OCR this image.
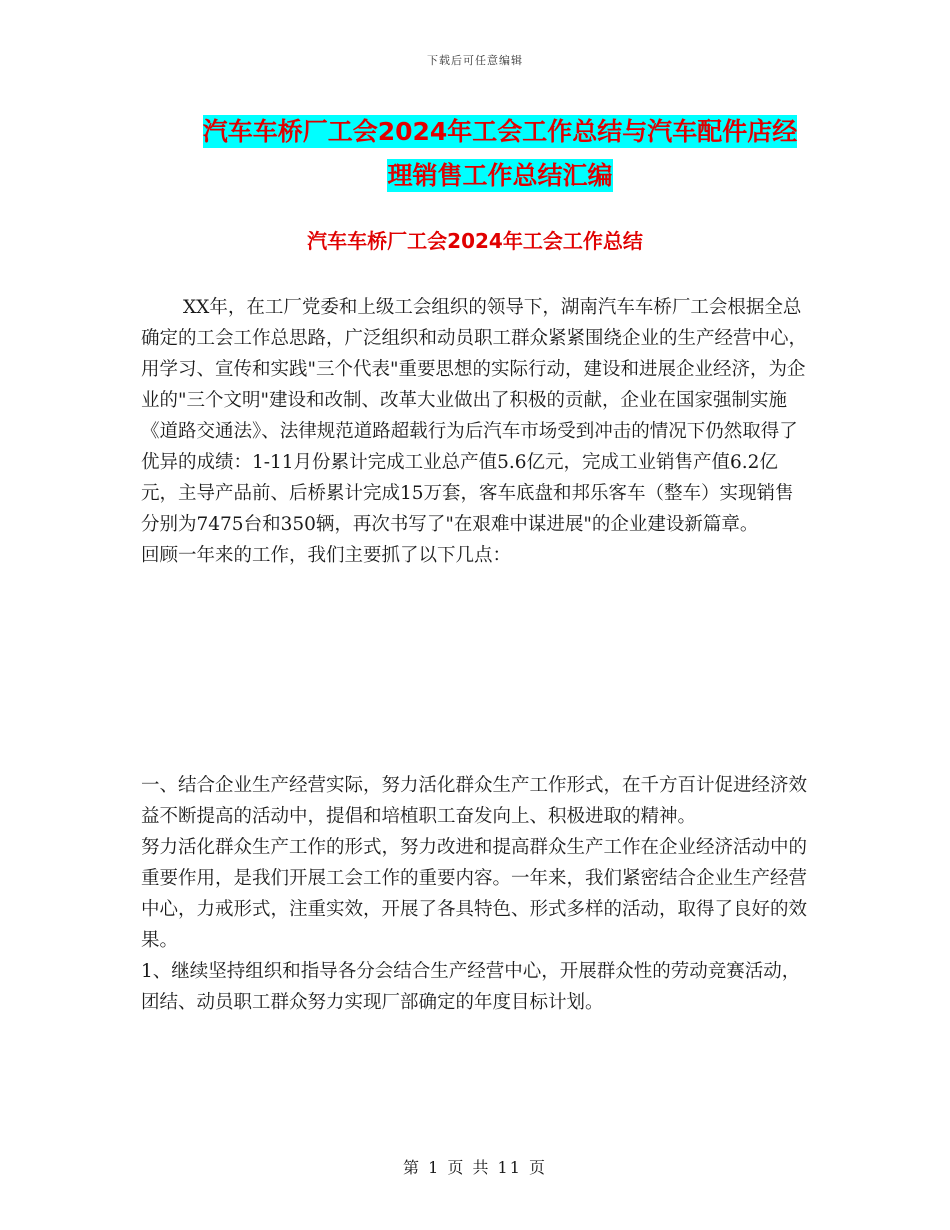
下载后可任意编辑
汽车车桥厂工会2024年工会工作总结与汽车配件店经
理销售工作总结汇编
汽车车桥厂工会2024年工会工作总结

XX年，在工厂党委和上级工会组织的领导下，湖南汽车车桥厂工会根据全总确定的工会工作总思路，广泛组织和动员职工群众紧紧围绕企业的生产经营中心，用学习、宣传和实践"三个代表"重要思想的实际行动，建设和进展企业经济，为企业的"三个文明"建设和改制、改革大业做出了积极的贡献，企业在国家强制实施《道路交通法》、法律规范道路超载行为后汽车市场受到冲击的情况下仍然取得了优异的成绩：1-11月份累计完成工业总产值5.6亿元，完成工业销售产值6.2亿元，主导产品前、后桥累计完成15万套，客车底盘和邦乐客车（整车）实现销售分别为7475台和350辆，再次书写了"在艰难中谋进展"的企业建设新篇章。

回顾一年来的工作，我们主要抓了以下几点：

一、结合企业生产经营实际，努力活化群众生产工作形式，在千方百计促进经济效益不断提高的活动中，提倡和培植职工奋发向上、积极进取的精神。

努力活化群众生产工作的形式，努力改进和提高群众生产工作在企业经济活动中的重要作用，是我们开展工会工作的重要内容。一年来，我们紧密结合企业生产经营中心，力戒形式，注重实效，开展了各具特色、形式多样的活动，取得了良好的效果。

1、继续坚持组织和指导各分会结合生产经营中心，开展群众性的劳动竞赛活动，团结、动员职工群众努力实现厂部确定的年度目标计划。

第 1 页 共 11 页
